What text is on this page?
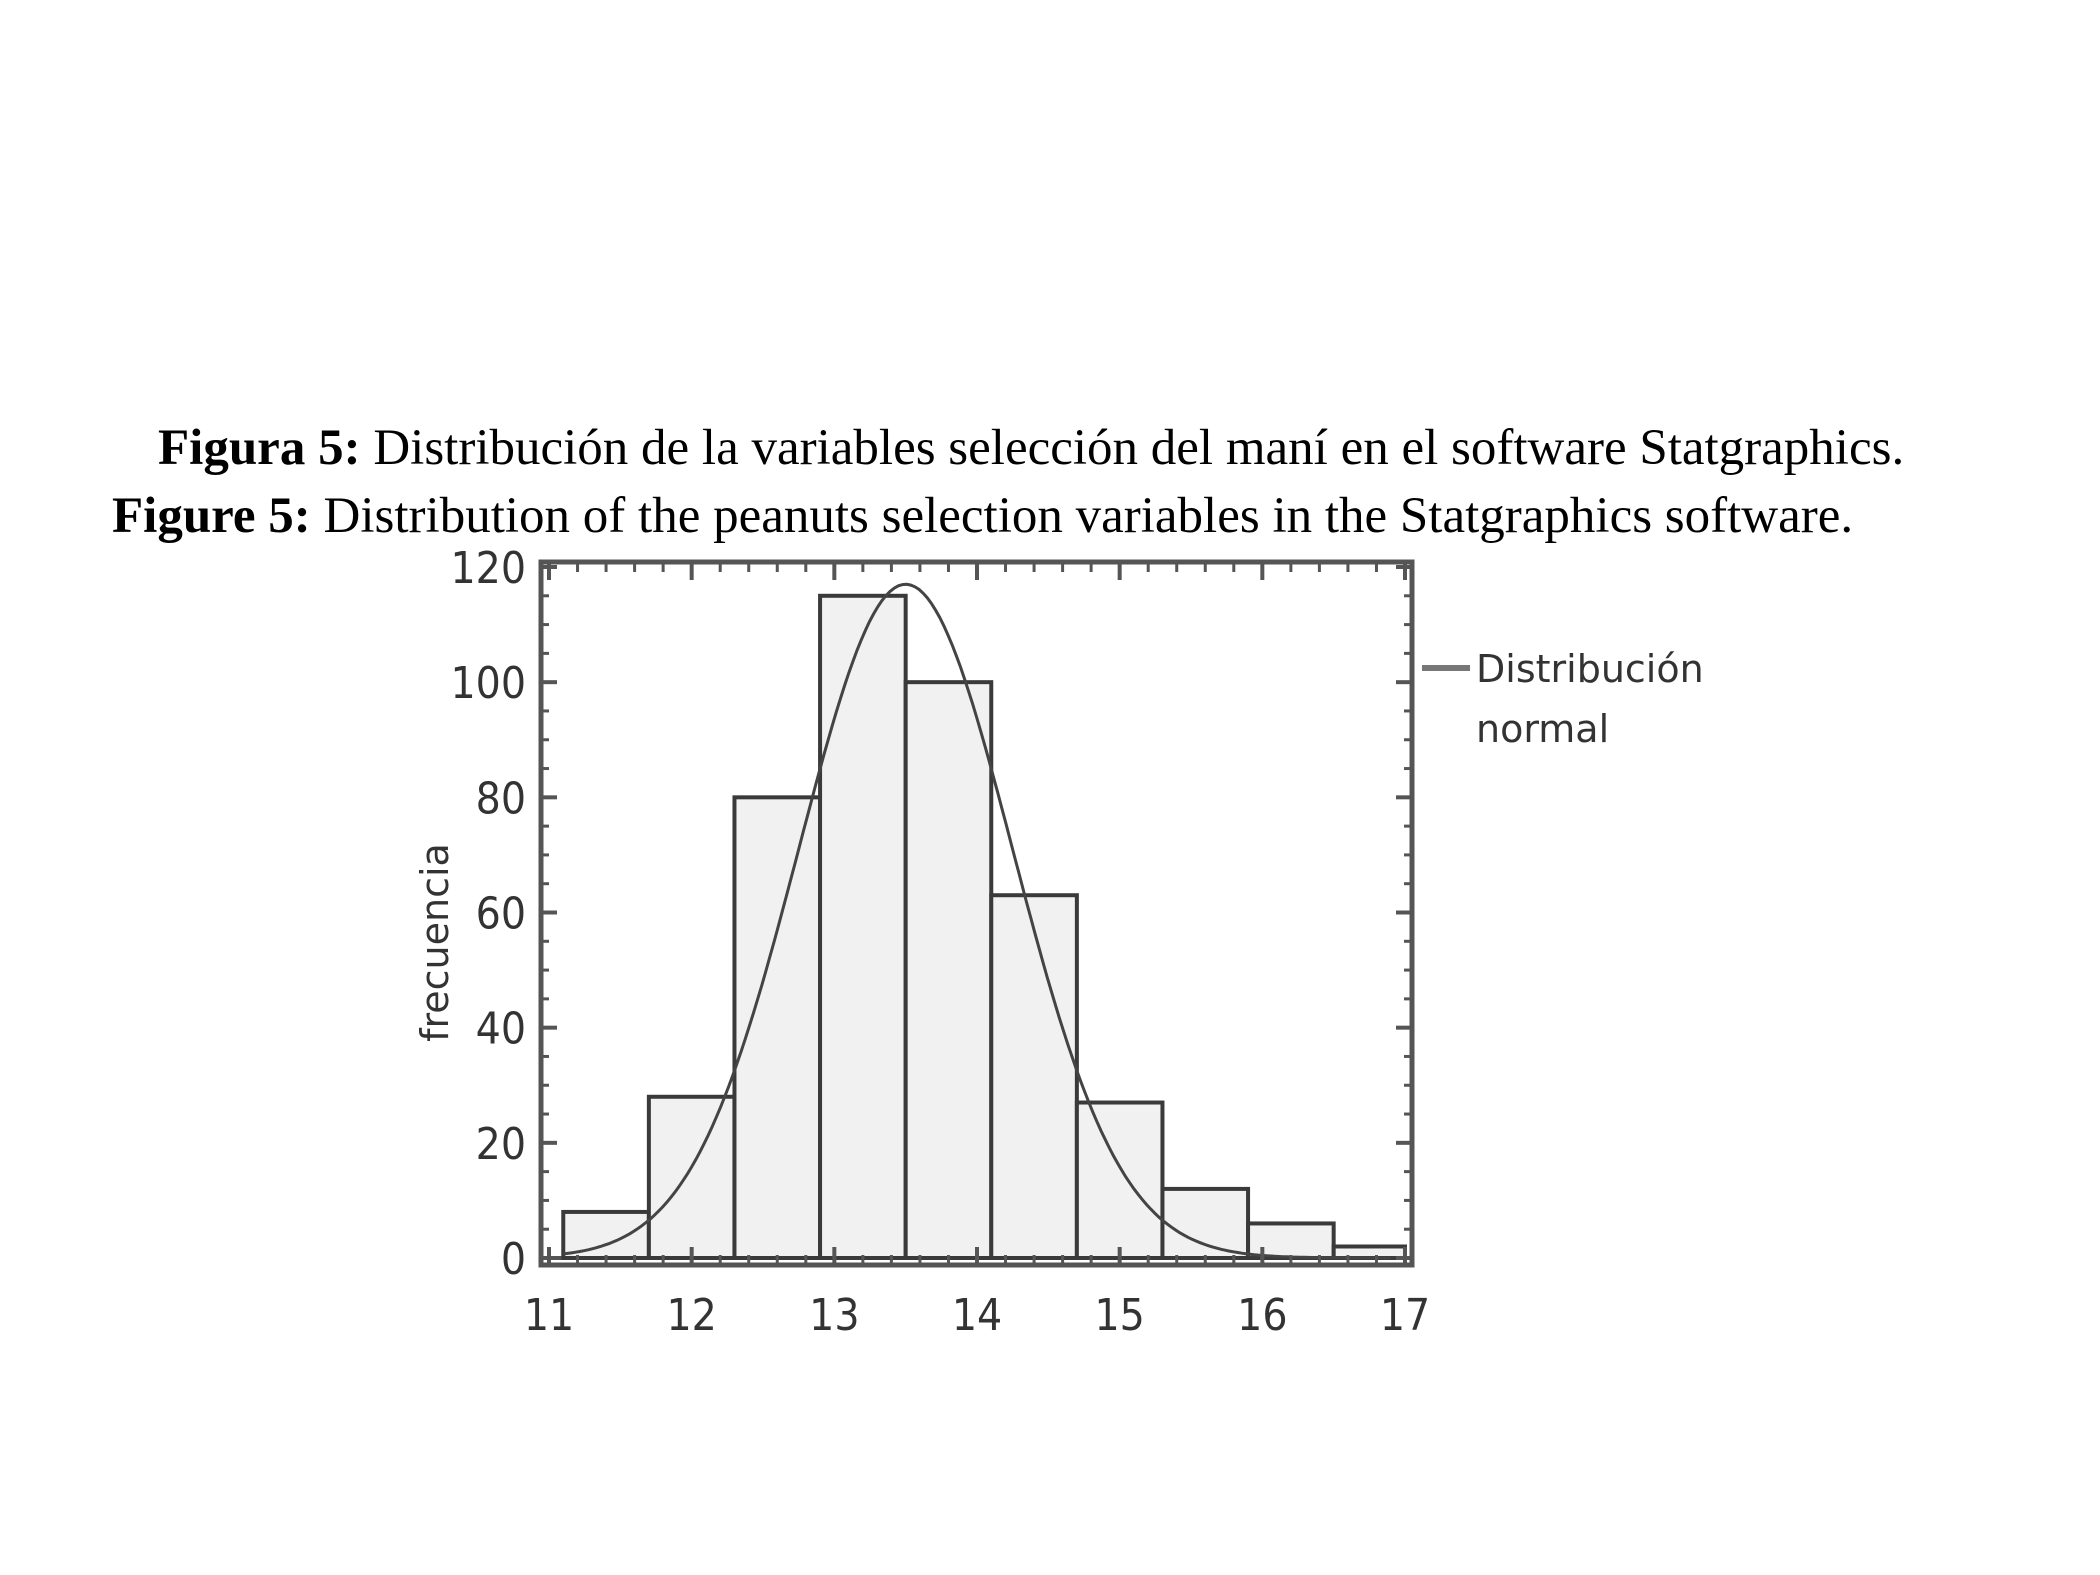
Figura 5: Distribución de la variables selección del maní en el software Statgraphics.
Figure 5: Distribution of the peanuts selection variables in the Statgraphics software.
11 12 13 14 15 16 17
0
20
40
60
80
100
120
frecuencia
Distribución
normal
